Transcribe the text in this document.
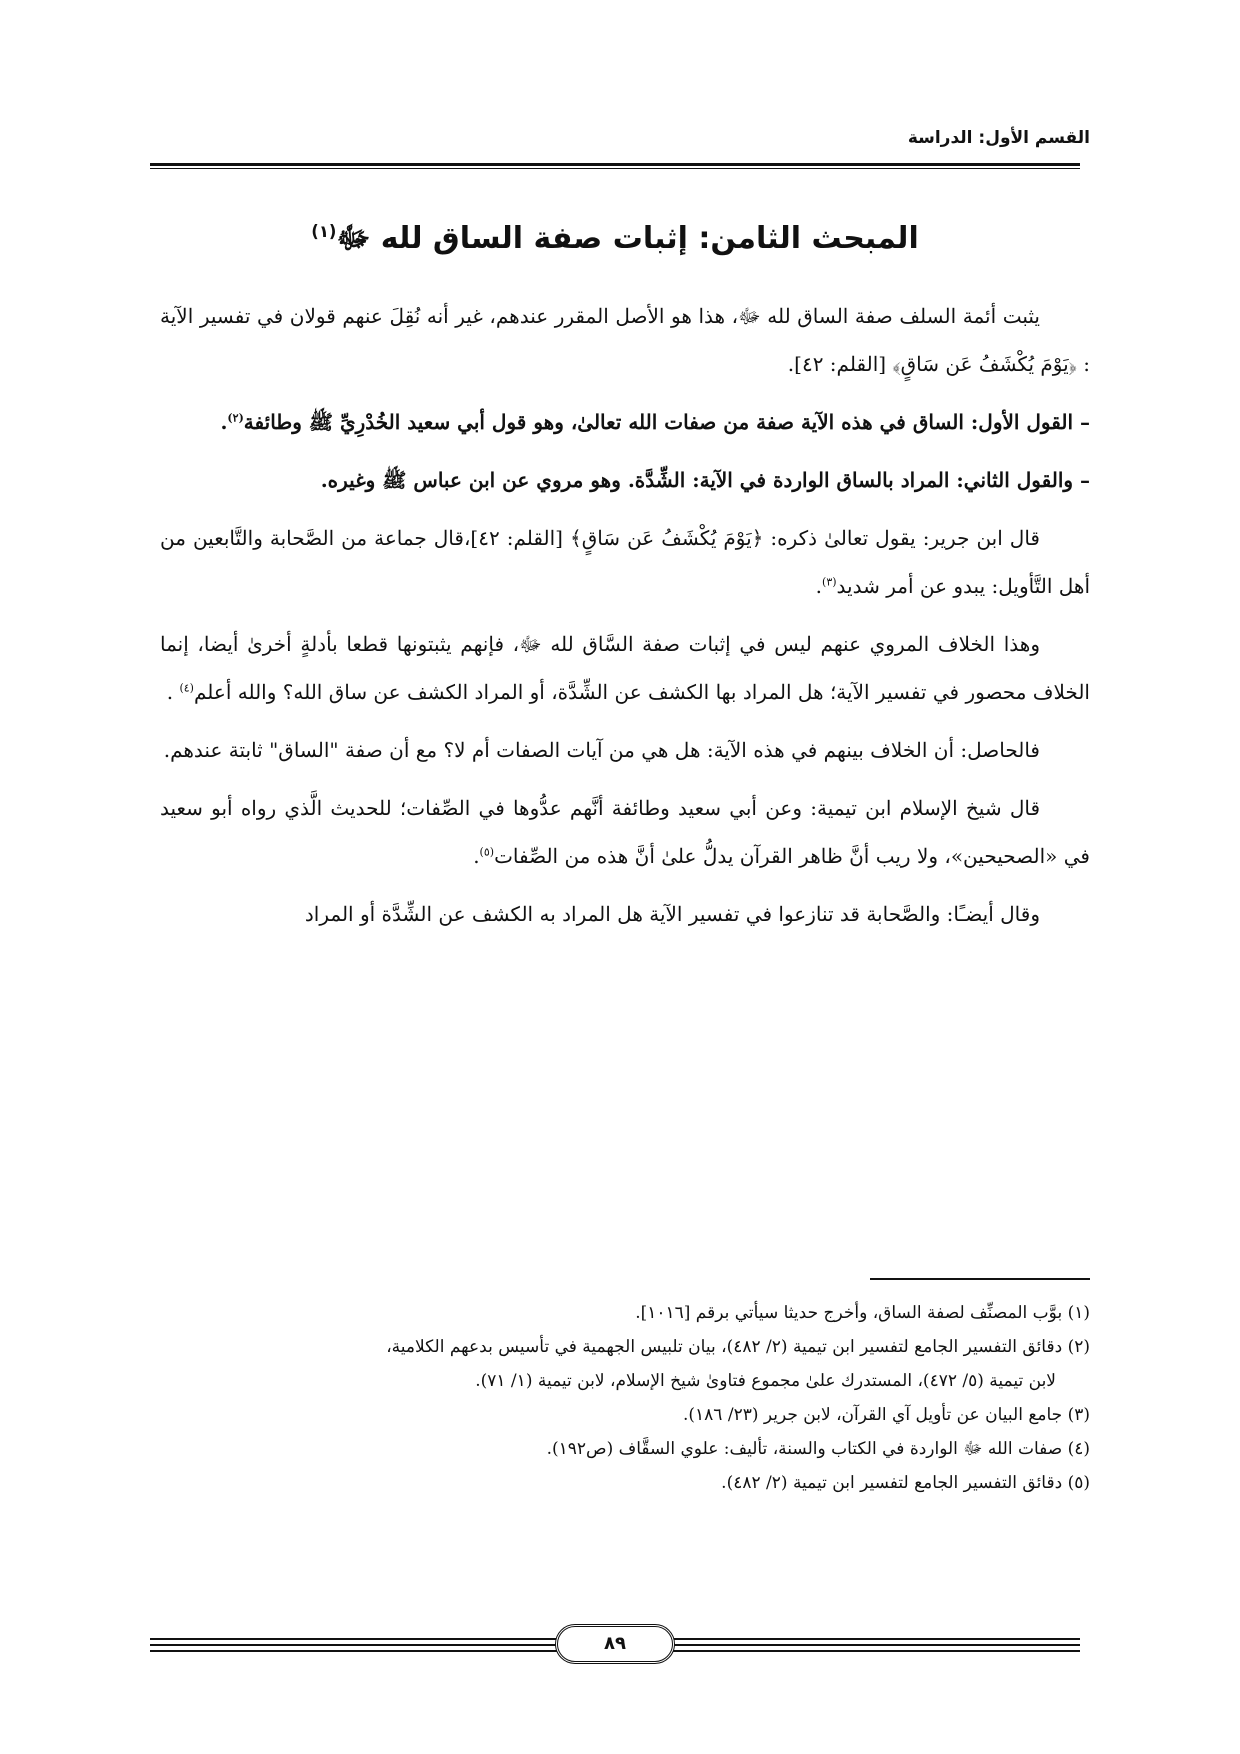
القسم الأول: الدراسة
المبحث الثامن: إثبات صفة الساق لله ﷻ$^{(١)}$

يثبت أئمة السلف صفة الساق لله ﷻ، هذا هو الأصل المقرر عندهم، غير أنه نُقِلَ عنهم قولان في تفسير الآية : ﴿يَوْمَ يُكْشَفُ عَن سَاقٍ﴾ [القلم: ٤٢].

– القول الأول: الساق في هذه الآية صفة من صفات الله تعالىٰ، وهو قول أبي سعيد الخُدْرِيِّ ﷺ وطائفة$^{(٢)}$.

– والقول الثاني: المراد بالساق الواردة في الآية: الشِّدَّة. وهو مروي عن ابن عباس ﷺ وغيره.

قال ابن جرير: يقول تعالىٰ ذكره: ﴿يَوْمَ يُكْشَفُ عَن سَاقٍ﴾ [القلم: ٤٢]،قال جماعة من الصَّحابة والتَّابعين من أهل التَّأويل: يبدو عن أمر شديد$^{(٣)}$.

وهذا الخلاف المروي عنهم ليس في إثبات صفة السَّاق لله ﷻ، فإنهم يثبتونها قطعا بأدلةٍ أخرىٰ أيضا، إنما الخلاف محصور في تفسير الآية؛ هل المراد بها الكشف عن الشِّدَّة، أو المراد الكشف عن ساق الله؟ والله أعلم$^{(٤)}$ .

فالحاصل: أن الخلاف بينهم في هذه الآية: هل هي من آيات الصفات أم لا؟ مع أن صفة "الساق" ثابتة عندهم.

قال شيخ الإسلام ابن تيمية: وعن أبي سعيد وطائفة أنَّهم عدُّوها في الصِّفات؛ للحديث الَّذي رواه أبو سعيد في «الصحيحين»، ولا ريب أنَّ ظاهر القرآن يدلُّ علىٰ أنَّ هذه من الصِّفات$^{(٥)}$.

وقال أيضـًا: والصَّحابة قد تنازعوا في تفسير الآية هل المراد به الكشف عن الشِّدَّة أو المراد

(١) بوَّب المصنِّف لصفة الساق، وأخرج حديثا سيأتي برقم [١٠١٦].

(٢) دقائق التفسير الجامع لتفسير ابن تيمية (٢/ ٤٨٢)، بيان تلبيس الجهمية في تأسيس بدعهم الكلامية،

لابن تيمية (٥/ ٤٧٢)، المستدرك علىٰ مجموع فتاوىٰ شيخ الإسلام، لابن تيمية (١/ ٧١).

(٣) جامع البيان عن تأويل آي القرآن، لابن جرير (٢٣/ ١٨٦).

(٤) صفات الله ﷻ الواردة في الكتاب والسنة، تأليف: علوي السقَّاف (ص١٩٢).

(٥) دقائق التفسير الجامع لتفسير ابن تيمية (٢/ ٤٨٢).

٨٩
